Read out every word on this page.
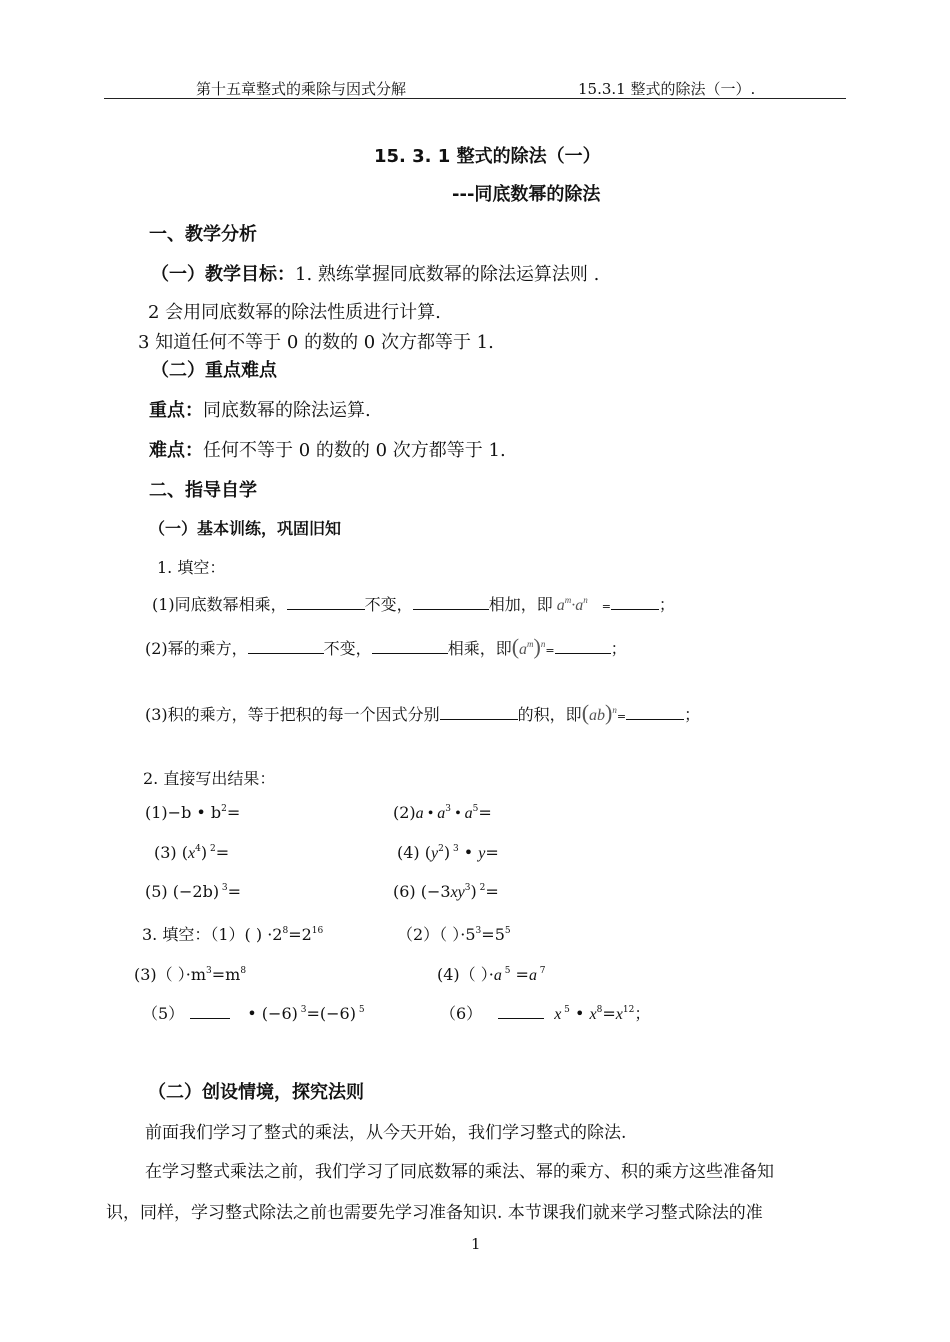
第十五章整式的乘除与因式分解	15.3.1 整式的除法（一）.
15. 3. 1 整式的除法（一）
---同底数幂的除法
一、教学分析
（一）教学目标：1. 熟练掌握同底数幂的除法运算法则 .
2 会用同底数幂的除法性质进行计算.
3 知道任何不等于 0 的数的 0 次方都等于 1.
（二）重点难点
重点：同底数幂的除法运算.
难点：任何不等于 0 的数的 0 次方都等于 1.
二、指导自学
（一）基本训练，巩固旧知
1. 填空：
(1)同底数幂相乘，	不变，	相加，即 $a^m\cdot a^n$ =	；
(2)幂的乘方，	不变，	相乘，即$(a^m)^n=$	；
(3)积的乘方，等于把积的每一个因式分别	的积，即(ab)$^n$=	；
2. 直接写出结果：
(1)−b • $b^2=$	(2)a • $a^3$ • $a^5=$
(3) $(x^4)$ $^2$=	(4) $(y^2)$ $^3$ • y=
(5) (−2b) $^3$=	(6) $(-3xy^3)$ $^2$=
3. 填空：（1）( ) $\cdot 2^8=2^{16}$	（2）（ ）$\cdot 5^3=5^5$
(3)（ ）$\cdot m^3=m^8$	(4)（ ）·a $^5$ =a $^7$
（5）	• (−6) $^3$=(−6) $^5$	（6）	x $^5$ • $x^8=x^{12}$；
（二）创设情境，探究法则
前面我们学习了整式的乘法，从今天开始，我们学习整式的除法.
在学习整式乘法之前，我们学习了同底数幂的乘法、幂的乘方、积的乘方这些准备知
识，同样，学习整式除法之前也需要先学习准备知识. 本节课我们就来学习整式除法的准
1
